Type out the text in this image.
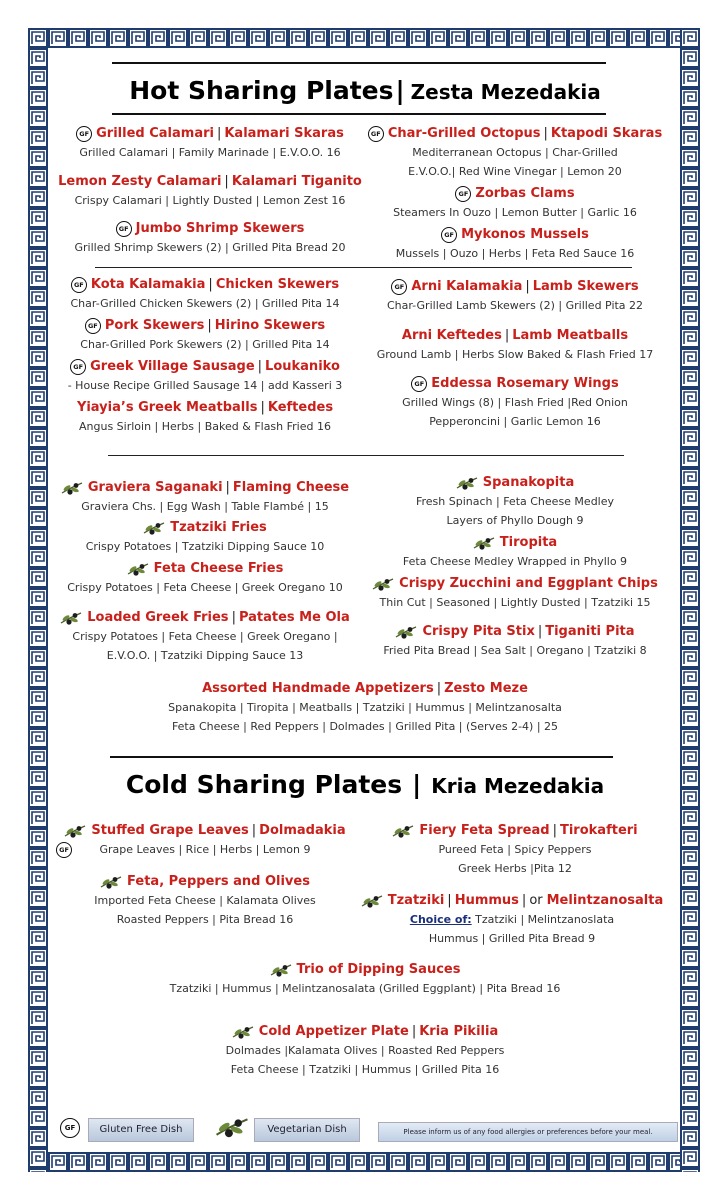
Hot Sharing Plates| Zesta Mezedakia
GF Grilled Calamari | Kalamari Skaras
Grilled Calamari | Family Marinade | E.V.O.O. 16
Lemon Zesty Calamari | Kalamari Tiganito
Crispy Calamari | Lightly Dusted | Lemon Zest 16
GF Jumbo Shrimp Skewers
Grilled Shrimp Skewers (2) | Grilled Pita Bread 20
GF Char-Grilled Octopus | Ktapodi Skaras
Mediterranean Octopus | Char-Grilled
E.V.O.O.| Red Wine Vinegar | Lemon 20
GF Zorbas Clams
Steamers In Ouzo | Lemon Butter | Garlic 16
GF Mykonos Mussels
Mussels | Ouzo | Herbs | Feta Red Sauce 16
GF Kota Kalamakia | Chicken Skewers
Char-Grilled Chicken Skewers (2) | Grilled Pita 14
GF Pork Skewers | Hirino Skewers
Char-Grilled Pork Skewers (2) | Grilled Pita 14
GF Greek Village Sausage | Loukaniko
- House Recipe Grilled Sausage 14 | add Kasseri 3
Yiayia’s Greek Meatballs | Keftedes
Angus Sirloin | Herbs | Baked & Flash Fried 16
GF Arni Kalamakia | Lamb Skewers
Char-Grilled Lamb Skewers (2) | Grilled Pita 22
Arni Keftedes | Lamb Meatballs
Ground Lamb | Herbs Slow Baked & Flash Fried 17
GF Eddessa Rosemary Wings
Grilled Wings (8) | Flash Fried |Red Onion
Pepperoncini | Garlic Lemon 16
Graviera Saganaki | Flaming Cheese
Graviera Chs. | Egg Wash | Table Flambé | 15
Tzatziki Fries
Crispy Potatoes | Tzatziki Dipping Sauce 10
Feta Cheese Fries
Crispy Potatoes | Feta Cheese | Greek Oregano 10
Loaded Greek Fries | Patates Me Ola
Crispy Potatoes | Feta Cheese | Greek Oregano |
E.V.O.O. | Tzatziki Dipping Sauce 13
Spanakopita
Fresh Spinach | Feta Cheese Medley
Layers of Phyllo Dough 9
Tiropita
Feta Cheese Medley Wrapped in Phyllo 9
Crispy Zucchini and Eggplant Chips
Thin Cut | Seasoned | Lightly Dusted | Tzatziki 15
Crispy Pita Stix | Tiganiti Pita
Fried Pita Bread | Sea Salt | Oregano | Tzatziki 8
Assorted Handmade Appetizers | Zesto Meze
Spanakopita | Tiropita | Meatballs | Tzatziki | Hummus | Melintzanosalta
Feta Cheese | Red Peppers | Dolmades | Grilled Pita | (Serves 2-4) | 25
Cold Sharing Plates | Kria Mezedakia
Stuffed Grape Leaves | Dolmadakia
GF	Grape Leaves | Rice | Herbs | Lemon 9
Feta, Peppers and Olives
Imported Feta Cheese | Kalamata Olives
Roasted Peppers | Pita Bread 16
Fiery Feta Spread | Tirokafteri
Pureed Feta | Spicy Peppers
Greek Herbs |Pita 12
Tzatziki | Hummus | or Melintzanosalta
Choice of: Tzatziki | Melintzanoslata
Hummus | Grilled Pita Bread 9
Trio of Dipping Sauces
Tzatziki | Hummus | Melintzanosalata (Grilled Eggplant) | Pita Bread 16
Cold Appetizer Plate | Kria Pikilia
Dolmades |Kalamata Olives | Roasted Red Peppers
Feta Cheese | Tzatziki | Hummus | Grilled Pita 16
GF	Gluten Free Dish	Vegetarian Dish	Please inform us of any food allergies or preferences before your meal.
